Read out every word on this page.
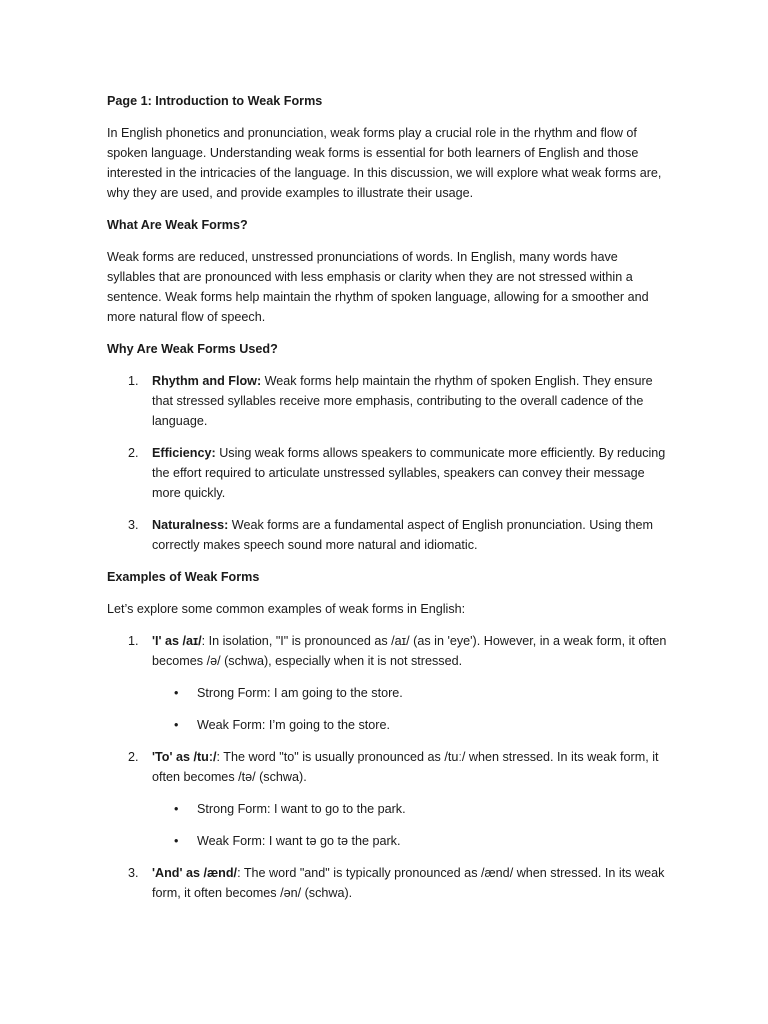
Page 1: Introduction to Weak Forms

In English phonetics and pronunciation, weak forms play a crucial role in the rhythm and flow of spoken language. Understanding weak forms is essential for both learners of English and those interested in the intricacies of the language. In this discussion, we will explore what weak forms are, why they are used, and provide examples to illustrate their usage.

What Are Weak Forms?

Weak forms are reduced, unstressed pronunciations of words. In English, many words have syllables that are pronounced with less emphasis or clarity when they are not stressed within a sentence. Weak forms help maintain the rhythm of spoken language, allowing for a smoother and more natural flow of speech.

Why Are Weak Forms Used?

1. Rhythm and Flow: Weak forms help maintain the rhythm of spoken English. They ensure that stressed syllables receive more emphasis, contributing to the overall cadence of the language.
2. Efficiency: Using weak forms allows speakers to communicate more efficiently. By reducing the effort required to articulate unstressed syllables, speakers can convey their message more quickly.
3. Naturalness: Weak forms are a fundamental aspect of English pronunciation. Using them correctly makes speech sound more natural and idiomatic.

Examples of Weak Forms

Let’s explore some common examples of weak forms in English:

1. 'I' as /aɪ/: In isolation, "I" is pronounced as /aɪ/ (as in 'eye'). However, in a weak form, it often becomes /ə/ (schwa), especially when it is not stressed.
• Strong Form: I am going to the store.
• Weak Form: I’m going to the store.
2. 'To' as /tuː/: The word "to" is usually pronounced as /tuː/ when stressed. In its weak form, it often becomes /tə/ (schwa).
• Strong Form: I want to go to the park.
• Weak Form: I want tə go tə the park.
3. 'And' as /ænd/: The word "and" is typically pronounced as /ænd/ when stressed. In its weak form, it often becomes /ən/ (schwa).
